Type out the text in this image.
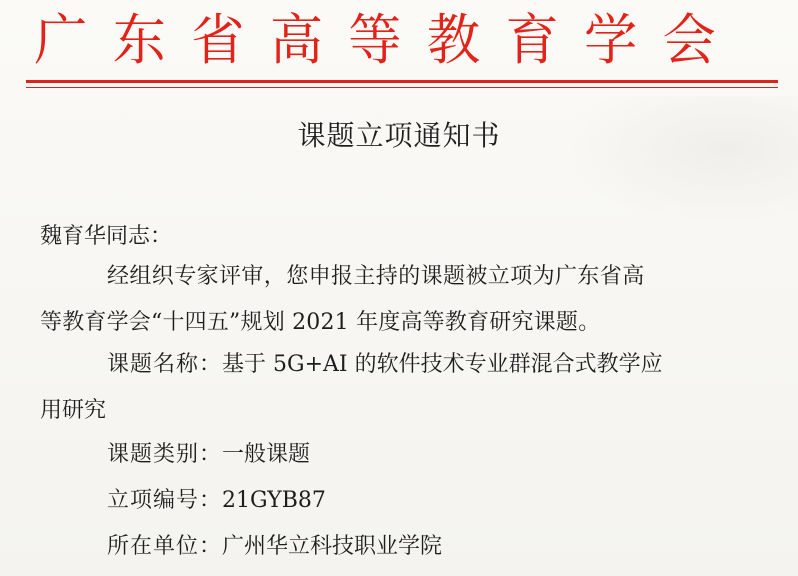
广东省高等教育学会
课题立项通知书
魏育华同志：
经组织专家评审，您申报主持的课题被立项为广东省高
等教育学会“十四五”规划 2021 年度高等教育研究课题。
课题名称：基于 5G+AI 的软件技术专业群混合式教学应
用研究
课题类别：一般课题
立项编号：21GYB87
所在单位：广州华立科技职业学院
